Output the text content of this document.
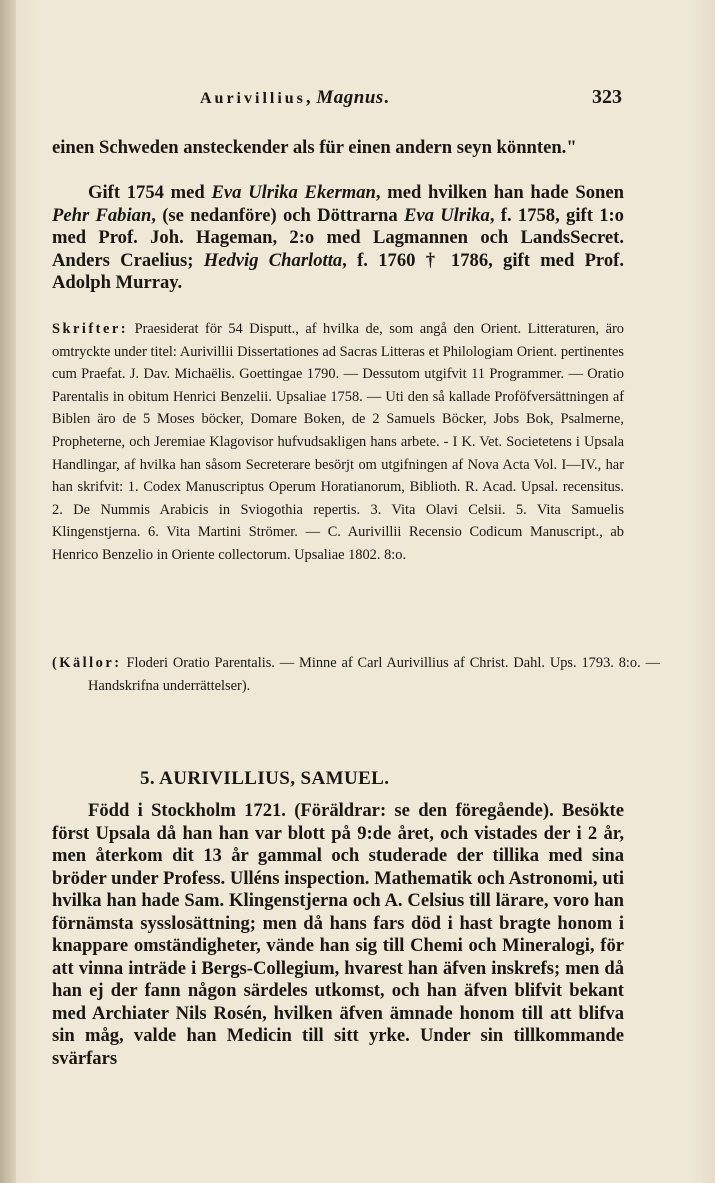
Aurivillius, Magnus.	323

einen Schweden ansteckender als für einen andern seyn könnten."

Gift 1754 med Eva Ulrika Ekerman, med hvilken han hade Sonen Pehr Fabian, (se nedanföre) och Döttrarna Eva Ulrika, f. 1758, gift 1:o med Prof. Joh. Hageman, 2:o med Lagmannen och LandsSecret. Anders Craelius; Hedvig Charlotta, f. 1760 † 1786, gift med Prof. Adolph Murray.

Skrifter: Praesiderat för 54 Disputt., af hvilka de, som angå den Orient. Litteraturen, äro omtryckte under titel: Aurivillii Dissertationes ad Sacras Litteras et Philologiam Orient. pertinentes cum Praefat. J. Dav. Michaëlis. Goettingae 1790. — Dessutom utgifvit 11 Programmer. — Oratio Parentalis in obitum Henrici Benzelii. Upsaliae 1758. — Uti den så kallade Proföfversättningen af Biblen äro de 5 Moses böcker, Domare Boken, de 2 Samuels Böcker, Jobs Bok, Psalmerne, Propheterne, och Jeremiae Klagovisor hufvudsakligen hans arbete. - I K. Vet. Societetens i Upsala Handlingar, af hvilka han såsom Secreterare besörjt om utgifningen af Nova Acta Vol. I—IV., har han skrifvit: 1. Codex Manuscriptus Operum Horatianorum, Biblioth. R. Acad. Upsal. recensitus. 2. De Nummis Arabicis in Sviogothia repertis. 3. Vita Olavi Celsii. 5. Vita Samuelis Klingenstjerna. 6. Vita Martini Strömer. — C. Aurivillii Recensio Codicum Manuscript., ab Henrico Benzelio in Oriente collectorum. Upsaliae 1802. 8:o.

(Källor: Floderi Oratio Parentalis. — Minne af Carl Aurivillius af Christ. Dahl. Ups. 1793. 8:o. — Handskrifna underrättelser).

5. AURIVILLIUS, SAMUEL.

Född i Stockholm 1721. (Föräldrar: se den föregående). Besökte först Upsala då han han var blott på 9:de året, och vistades der i 2 år, men återkom dit 13 år gammal och studerade der tillika med sina bröder under Profess. Ulléns inspection. Mathematik och Astronomi, uti hvilka han hade Sam. Klingenstjerna och A. Celsius till lärare, voro han förnämsta sysslosättning; men då hans fars död i hast bragte honom i knappare omständigheter, vände han sig till Chemi och Mineralogi, för att vinna inträde i Bergs-Collegium, hvarest han äfven inskrefs; men då han ej der fann någon särdeles utkomst, och han äfven blifvit bekant med Archiater Nils Rosén, hvilken äfven ämnade honom till att blifva sin måg, valde han Medicin till sitt yrke. Under sin tillkommande svärfars
